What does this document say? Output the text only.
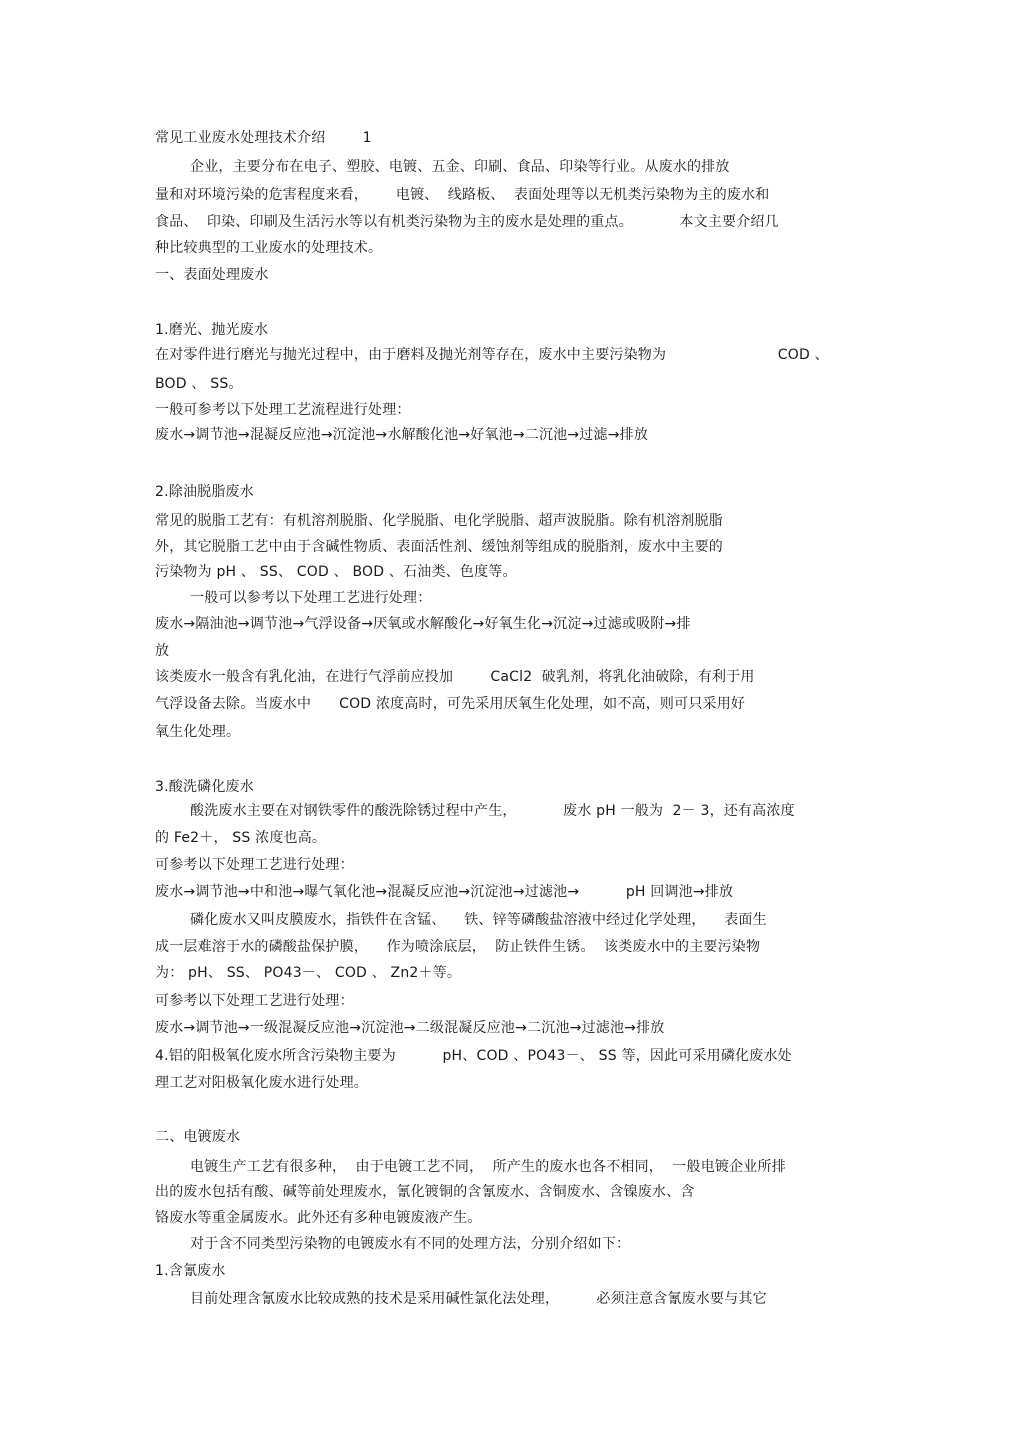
常见工业废水处理技术介绍        1
企业，主要分布在电子、塑胶、电镀、五金、印刷、食品、印染等行业。从废水的排放
量和对环境污染的危害程度来看，      电镀、  线路板、  表面处理等以无机类污染物为主的废水和
食品、  印染、印刷及生活污水等以有机类污染物为主的废水是处理的重点。          本文主要介绍几
种比较典型的工业废水的处理技术。
一、表面处理废水
1.磨光、抛光废水
在对零件进行磨光与抛光过程中，由于磨料及抛光剂等存在，废水中主要污染物为                        COD 、
BOD 、 SS。
一般可参考以下处理工艺流程进行处理：
废水→调节池→混凝反应池→沉淀池→水解酸化池→好氧池→二沉池→过滤→排放
2.除油脱脂废水
常见的脱脂工艺有：有机溶剂脱脂、化学脱脂、电化学脱脂、超声波脱脂。除有机溶剂脱脂
外，其它脱脂工艺中由于含碱性物质、表面活性剂、缓蚀剂等组成的脱脂剂，废水中主要的
污染物为 pH 、 SS、 COD 、 BOD 、石油类、色度等。
一般可以参考以下处理工艺进行处理：
废水→隔油池→调节池→气浮设备→厌氧或水解酸化→好氧生化→沉淀→过滤或吸附→排
放
该类废水一般含有乳化油，在进行气浮前应投加        CaCl2  破乳剂，将乳化油破除，有利于用
气浮设备去除。当废水中      COD 浓度高时，可先采用厌氧生化处理，如不高，则可只采用好
氧生化处理。
3.酸洗磷化废水
酸洗废水主要在对钢铁零件的酸洗除锈过程中产生，          废水 pH 一般为  2－ 3，还有高浓度
的 Fe2＋， SS 浓度也高。
可参考以下处理工艺进行处理：
废水→调节池→中和池→曝气氧化池→混凝反应池→沉淀池→过滤池→          pH 回调池→排放
磷化废水又叫皮膜废水，指铁件在含锰、    铁、锌等磷酸盐溶液中经过化学处理，    表面生
成一层难溶于水的磷酸盐保护膜，    作为喷涂底层，  防止铁件生锈。  该类废水中的主要污染物
为： pH、 SS、 PO43－、 COD 、 Zn2＋等。
可参考以下处理工艺进行处理：
废水→调节池→一级混凝反应池→沉淀池→二级混凝反应池→二沉池→过滤池→排放
4.铝的阳极氧化废水所含污染物主要为          pH、COD 、PO43－、 SS 等，因此可采用磷化废水处
理工艺对阳极氧化废水进行处理。
二、电镀废水
电镀生产工艺有很多种，  由于电镀工艺不同，  所产生的废水也各不相同，  一般电镀企业所排
出的废水包括有酸、碱等前处理废水，氰化镀铜的含氰废水、含铜废水、含镍废水、含
铬废水等重金属废水。此外还有多种电镀废液产生。
对于含不同类型污染物的电镀废水有不同的处理方法，分别介绍如下：
1.含氰废水
目前处理含氰废水比较成熟的技术是采用碱性氯化法处理，        必须注意含氰废水要与其它
